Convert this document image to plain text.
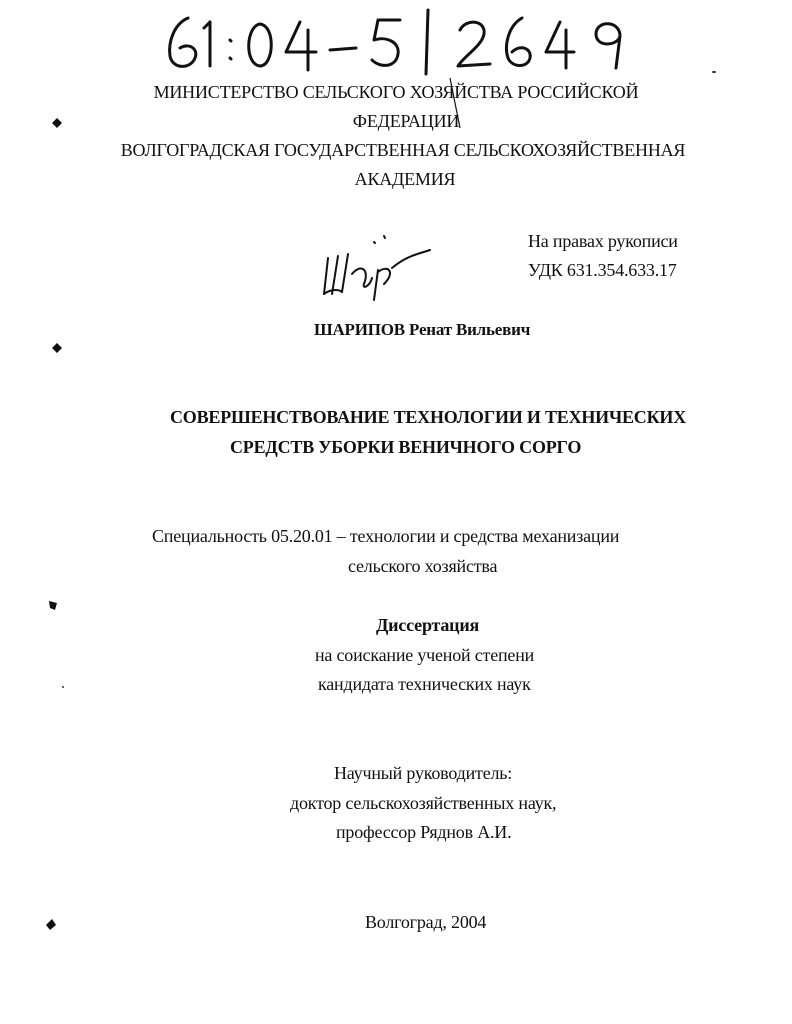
МИНИСТЕРСТВО СЕЛЬСКОГО ХОЗЯЙСТВА РОССИЙСКОЙ
ФЕДЕРАЦИИ
ВОЛГОГРАДСКАЯ ГОСУДАРСТВЕННАЯ СЕЛЬСКОХОЗЯЙСТВЕННАЯ
АКАДЕМИЯ
На правах рукописи
УДК 631.354.633.17
ШАРИПОВ Ренат Вильевич
СОВЕРШЕНСТВОВАНИЕ ТЕХНОЛОГИИ И ТЕХНИЧЕСКИХ
СРЕДСТВ УБОРКИ ВЕНИЧНОГО СОРГО
Специальность 05.20.01 – технологии и средства механизации
сельского хозяйства
Диссертация
на соискание ученой степени
кандидата технических наук
Научный руководитель:
доктор сельскохозяйственных наук,
профессор Ряднов А.И.
Волгоград, 2004
